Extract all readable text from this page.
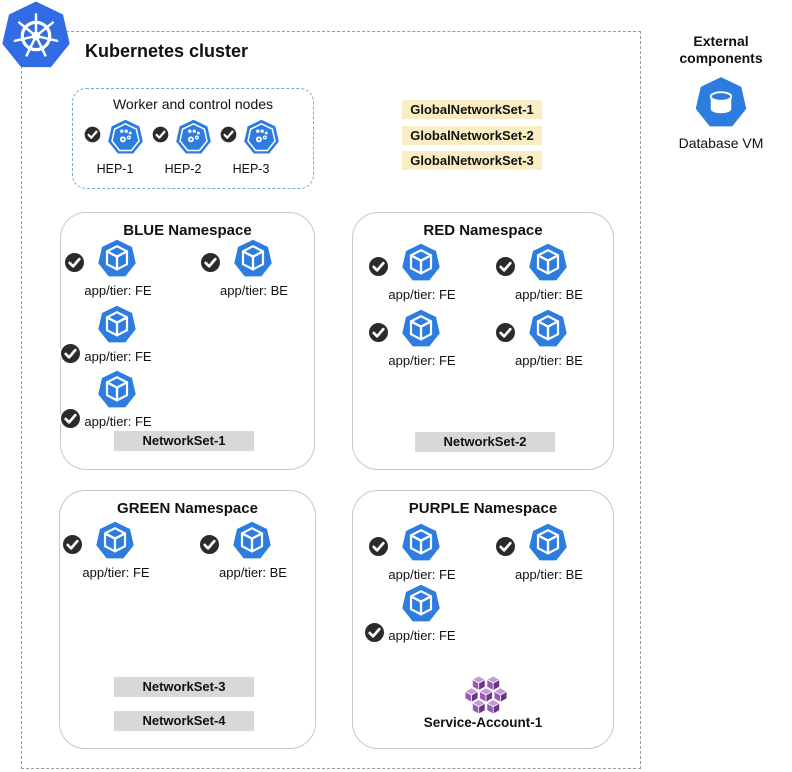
Kubernetes cluster
Worker and control nodes
HEP-1	HEP-2	HEP-3
GlobalNetworkSet-1
GlobalNetworkSet-2
GlobalNetworkSet-3
BLUE Namespace
app/tier: FE	app/tier: BE
app/tier: FE
app/tier: FE
NetworkSet-1
RED Namespace
app/tier: FE	app/tier: BE
app/tier: FE	app/tier: BE
NetworkSet-2
GREEN Namespace
app/tier: FE	app/tier: BE
NetworkSet-3
NetworkSet-4
PURPLE Namespace
app/tier: FE	app/tier: BE
app/tier: FE
Service-Account-1
External components
Database VM
